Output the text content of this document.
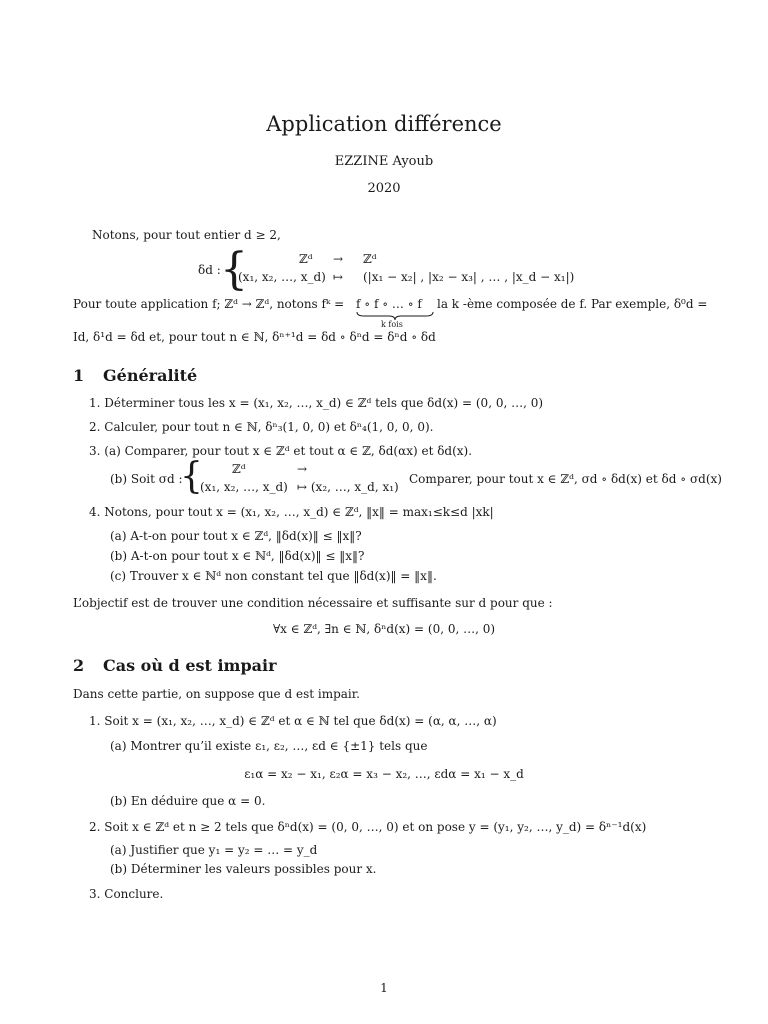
Application différence
EZZINE Ayoub
2020
Notons, pour tout entier d ≥ 2,
δd : {	ℤᵈ → ℤᵈ
(x₁, x₂, …, x_d) ↦ (|x₁ − x₂| , |x₂ − x₃| , … , |x_d − x₁|)
Pour toute application f; ℤᵈ → ℤᵈ, notons fᵏ = f ∘ f ∘ … ∘ f
k fois
la k -ème composée de f. Par exemple, δ⁰d =
Id, δ¹d = δd et, pour tout n ∈ ℕ, δⁿ⁺¹d = δd ∘ δⁿd = δⁿd ∘ δd
1 Généralité
1. Déterminer tous les x = (x₁, x₂, …, x_d) ∈ ℤᵈ tels que δd(x) = (0, 0, …, 0)
2. Calculer, pour tout n ∈ ℕ, δⁿ₃(1, 0, 0) et δⁿ₄(1, 0, 0, 0).
3. (a) Comparer, pour tout x ∈ ℤᵈ et tout α ∈ ℤ, δd(αx) et δd(x).
(b) Soit σd :
{ ℤᵈ	→
(x₁, x₂, …, x_d) ↦ (x₂, …, x_d, x₁)
Comparer, pour tout x ∈ ℤᵈ, σd ∘ δd(x) et δd ∘ σd(x)
4. Notons, pour tout x = (x₁, x₂, …, x_d) ∈ ℤᵈ, ‖x‖ = max₁≤k≤d |xk|
(a) A-t-on pour tout x ∈ ℤᵈ, ‖δd(x)‖ ≤ ‖x‖?
(b) A-t-on pour tout x ∈ ℕᵈ, ‖δd(x)‖ ≤ ‖x‖?
(c) Trouver x ∈ ℕᵈ non constant tel que ‖δd(x)‖ = ‖x‖.
L’objectif est de trouver une condition nécessaire et suffisante sur d pour que :
∀x ∈ ℤᵈ, ∃n ∈ ℕ, δⁿd(x) = (0, 0, …, 0)
2 Cas où d est impair
Dans cette partie, on suppose que d est impair.
1. Soit x = (x₁, x₂, …, x_d) ∈ ℤᵈ et α ∈ ℕ tel que δd(x) = (α, α, …, α)
(a) Montrer qu’il existe ε₁, ε₂, …, εd ∈ {±1} tels que
ε₁α = x₂ − x₁, ε₂α = x₃ − x₂, …, εdα = x₁ − x_d
(b) En déduire que α = 0.
2. Soit x ∈ ℤᵈ et n ≥ 2 tels que δⁿd(x) = (0, 0, …, 0) et on pose y = (y₁, y₂, …, y_d) = δⁿ⁻¹d(x)
(a) Justifier que y₁ = y₂ = … = y_d
(b) Déterminer les valeurs possibles pour x.
3. Conclure.
1
